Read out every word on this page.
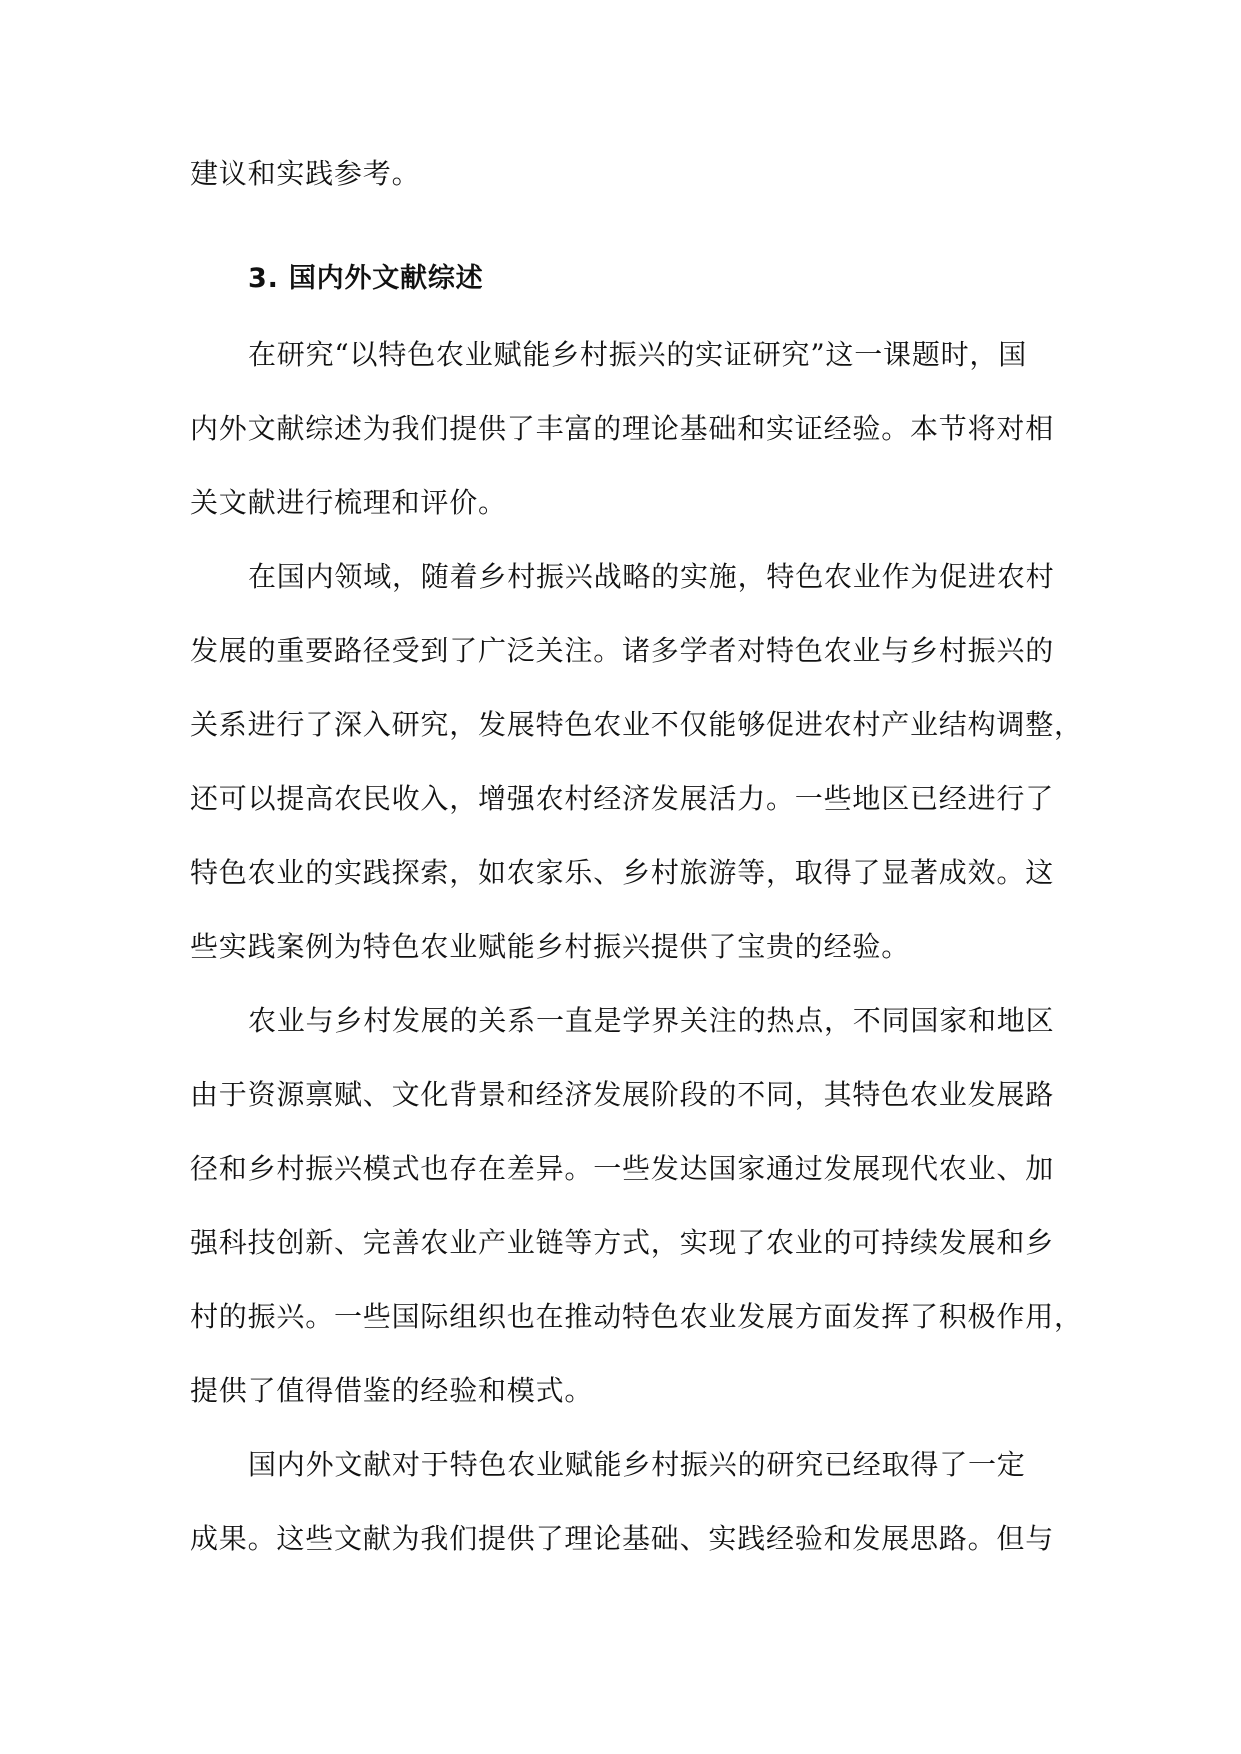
建议和实践参考。
3. 国内外文献综述
在研究“以特色农业赋能乡村振兴的实证研究”这一课题时，国
内外文献综述为我们提供了丰富的理论基础和实证经验。本节将对相
关文献进行梳理和评价。
在国内领域，随着乡村振兴战略的实施，特色农业作为促进农村
发展的重要路径受到了广泛关注。诸多学者对特色农业与乡村振兴的
关系进行了深入研究，发展特色农业不仅能够促进农村产业结构调整，
还可以提高农民收入，增强农村经济发展活力。一些地区已经进行了
特色农业的实践探索，如农家乐、乡村旅游等，取得了显著成效。这
些实践案例为特色农业赋能乡村振兴提供了宝贵的经验。
农业与乡村发展的关系一直是学界关注的热点，不同国家和地区
由于资源禀赋、文化背景和经济发展阶段的不同，其特色农业发展路
径和乡村振兴模式也存在差异。一些发达国家通过发展现代农业、加
强科技创新、完善农业产业链等方式，实现了农业的可持续发展和乡
村的振兴。一些国际组织也在推动特色农业发展方面发挥了积极作用，
提供了值得借鉴的经验和模式。
国内外文献对于特色农业赋能乡村振兴的研究已经取得了一定
成果。这些文献为我们提供了理论基础、实践经验和发展思路。但与
